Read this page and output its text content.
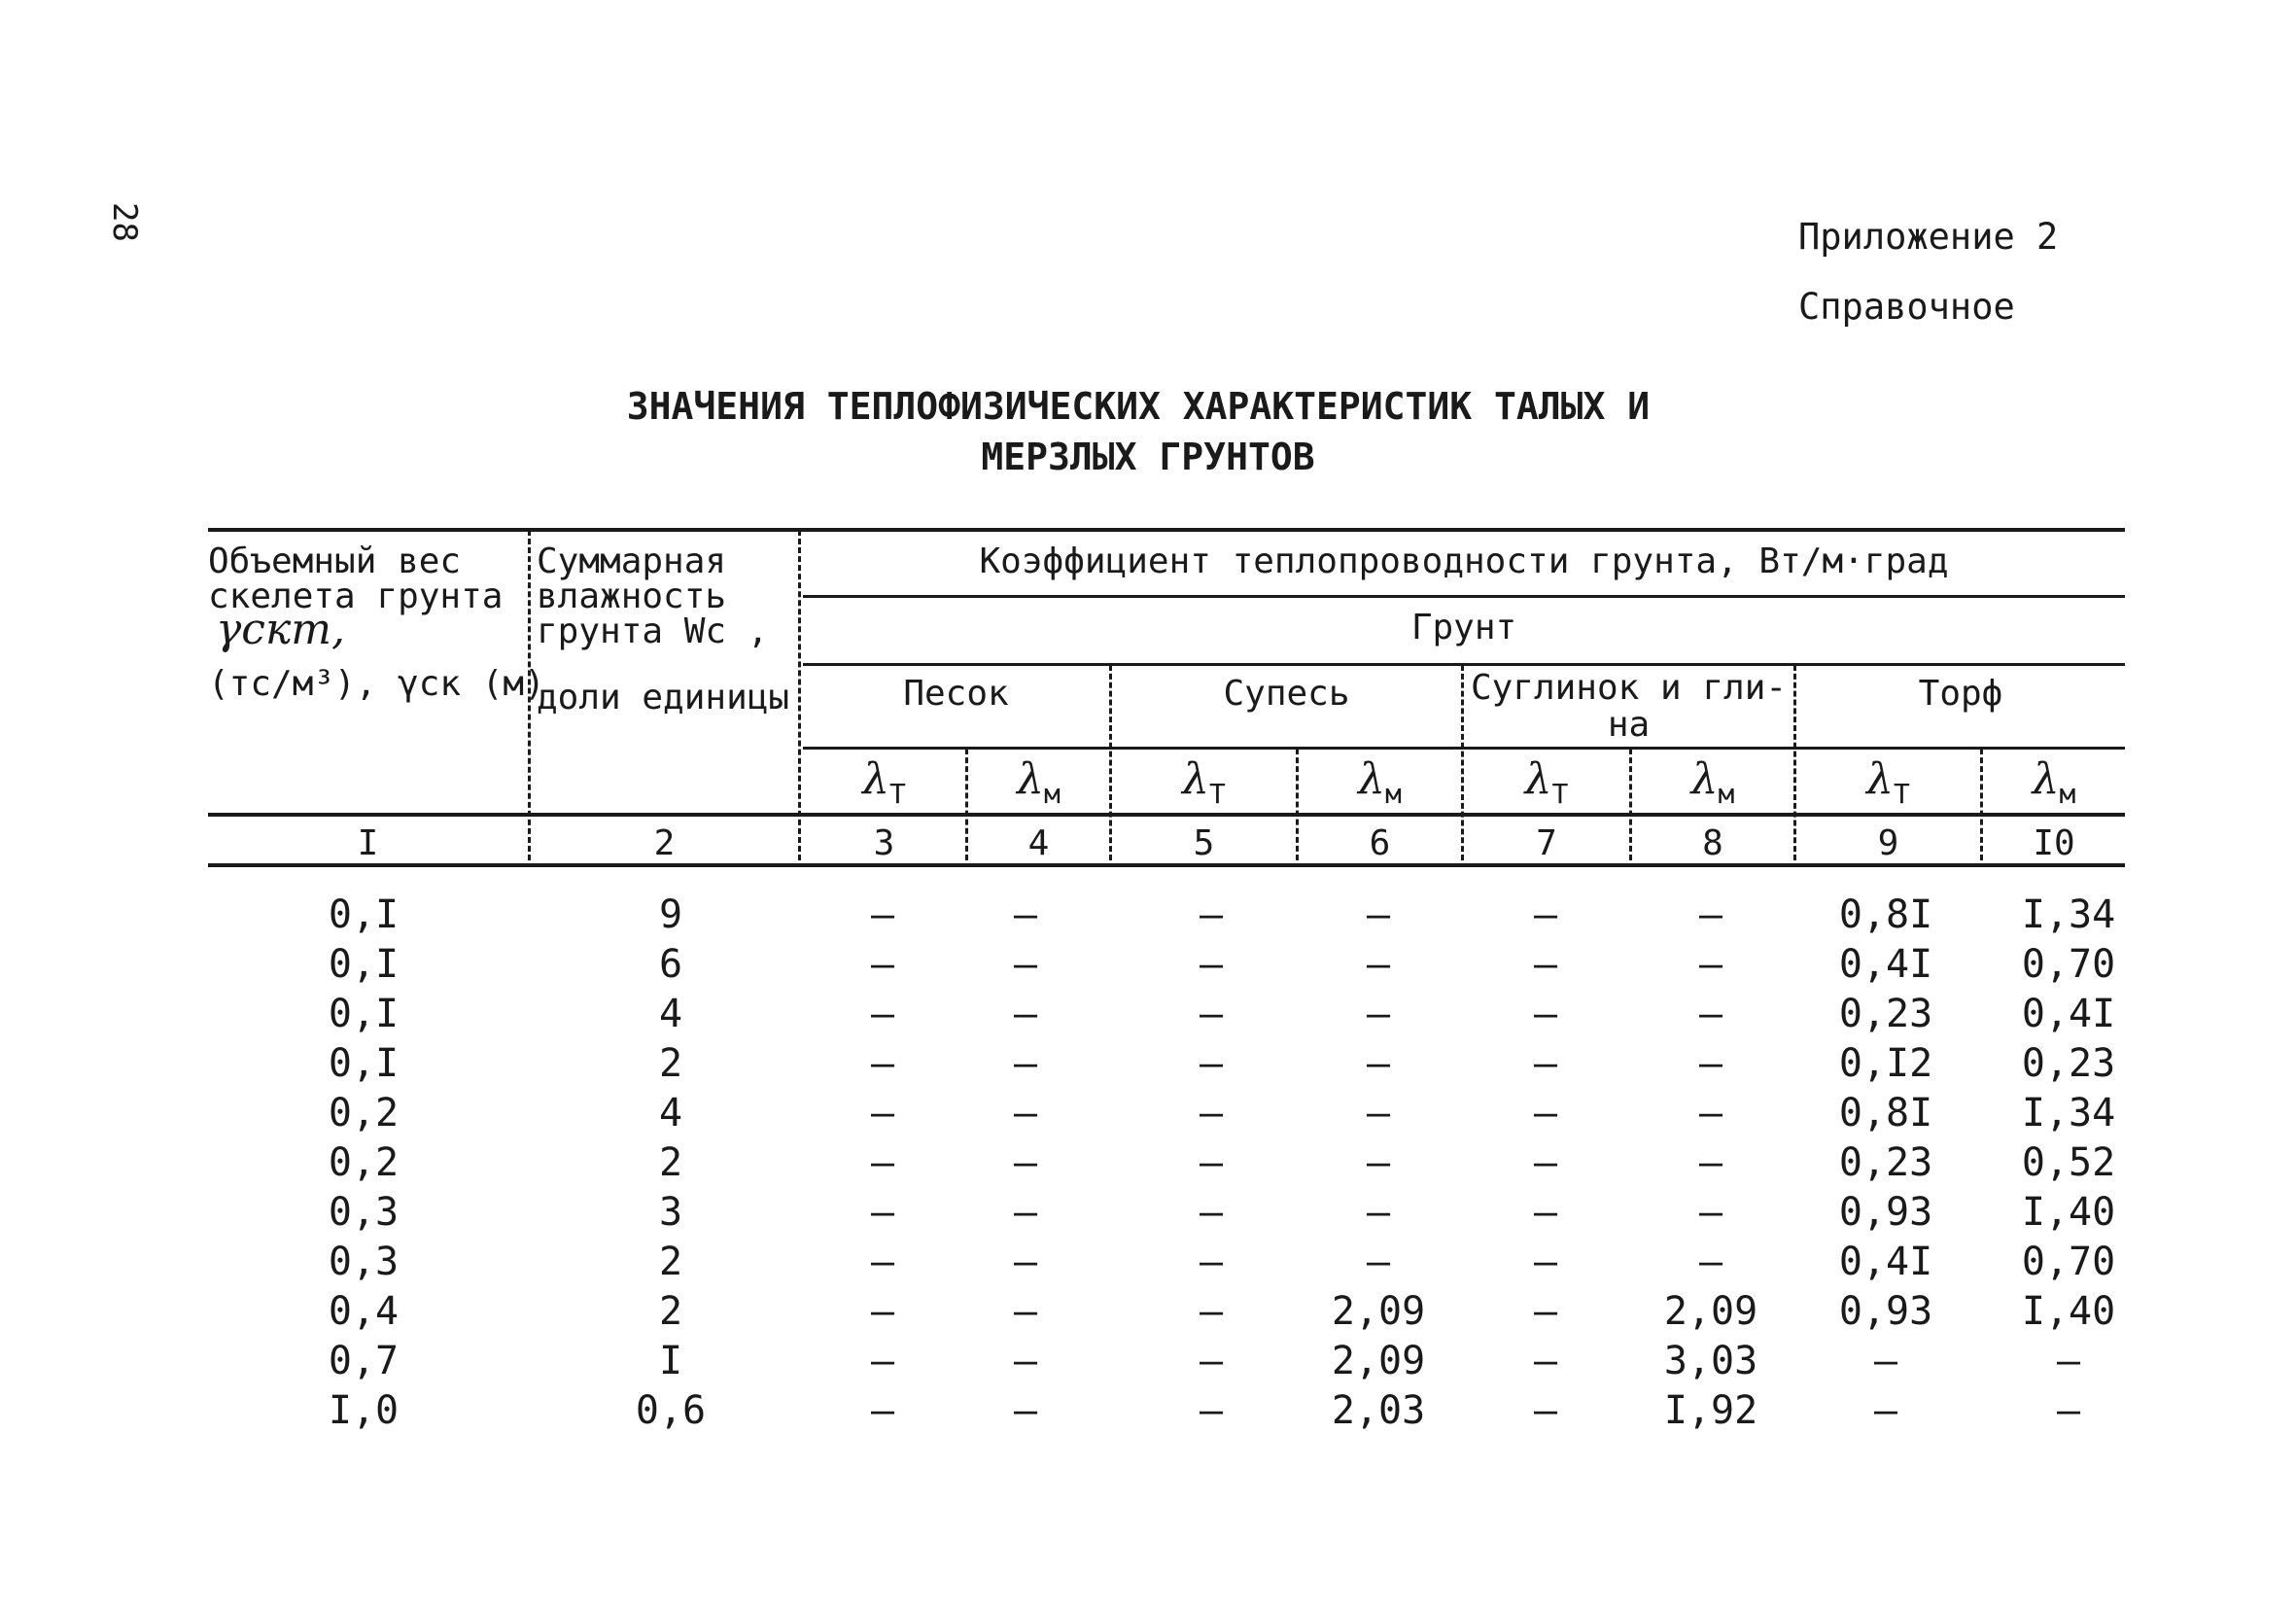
28	Приложение 2
Справочное
ЗНАЧЕНИЯ ТЕПЛОФИЗИЧЕСКИХ ХАРАКТЕРИСТИК ТАЛЫХ И
МЕРЗЛЫХ ГРУНТОВ
Объемный вес
скелета грунта
γскт,
(тс/м³), γск (м)
Суммарная
влажность
грунта Wс ,
доли единицы
Коэффициент теплопроводности грунта, Вт/м·град
Грунт
Песок	Супесь	Суглинок и гли-
на
Торф
$\lambda_T$	$\lambda_м$	$\lambda_T$	$\lambda_м$	$\lambda_T$	$\lambda_м$	$\lambda_T$	$\lambda_м$
I	2	3	4	5	6	7	8	9	I0
0,I	9	–	–	–	–	–	–	0,8I	I,34
0,I	6	–	–	–	–	–	–	0,4I	0,70
0,I	4	–	–	–	–	–	–	0,23	0,4I
0,I	2	–	–	–	–	–	–	0,I2	0,23
0,2	4	–	–	–	–	–	–	0,8I	I,34
0,2	2	–	–	–	–	–	–	0,23	0,52
0,3	3	–	–	–	–	–	–	0,93	I,40
0,3	2	–	–	–	–	–	–	0,4I	0,70
0,4	2	–	–	–	2,09	–	2,09	0,93	I,40
0,7	I	–	–	–	2,09	–	3,03	–	–
I,0	0,6	–	–	–	2,03	–	I,92	–	–
